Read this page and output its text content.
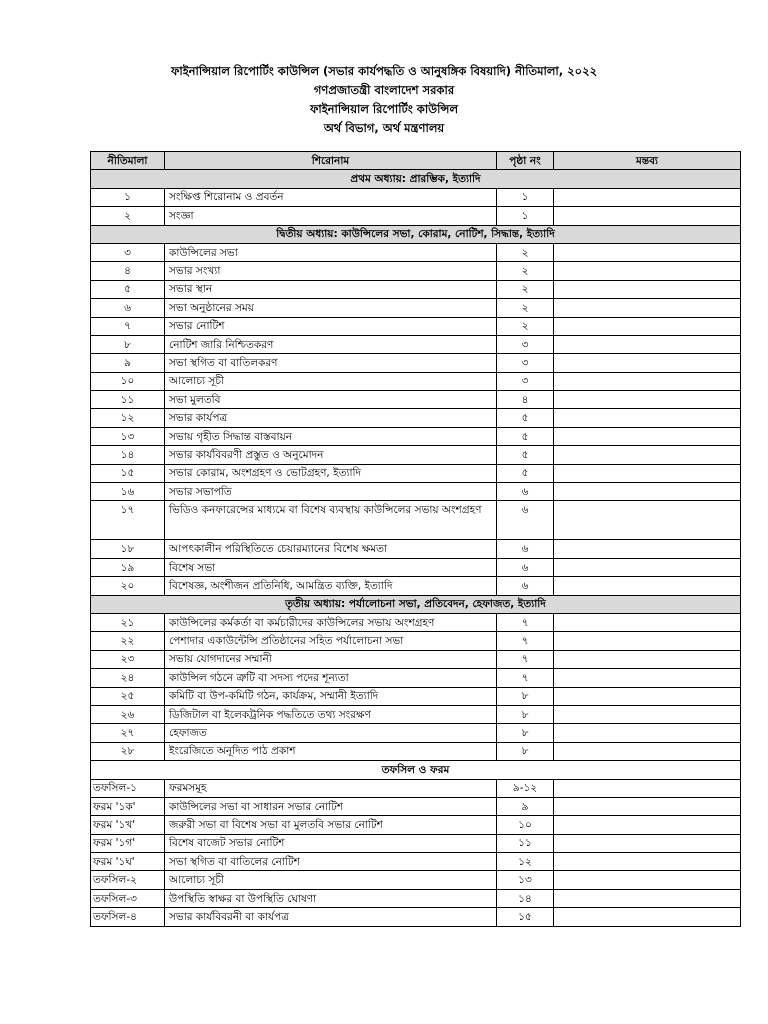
ফাইনান্সিয়াল রিপোর্টিং কাউন্সিল (সভার কার্যপদ্ধতি ও আনুষঙ্গিক বিষয়াদি) নীতিমালা, ২০২২
গণপ্রজাতন্ত্রী বাংলাদেশ সরকার
ফাইনান্সিয়াল রিপোর্টিং কাউন্সিল
অর্থ বিভাগ, অর্থ মন্ত্রণালয়
নীতিমালা	শিরোনাম	পৃষ্ঠা নং	মন্তব্য
প্রথম অধ্যায়: প্রারম্ভিক, ইত্যাদি			
১	সংক্ষিপ্ত শিরোনাম ও প্রবর্তন	১	
২	সংজ্ঞা	১	
দ্বিতীয় অধ্যায়: কাউন্সিলের সভা, কোরাম, নোটিশ, সিদ্ধান্ত, ইত্যাদি			
৩	কাউন্সিলের সভা	২	
৪	সভার সংখ্যা	২	
৫	সভার স্থান	২	
৬	সভা অনুষ্ঠানের সময়	২	
৭	সভার নোটিশ	২	
৮	নোটিশ জারি নিশ্চিতকরণ	৩	
৯	সভা স্থগিত বা বাতিলকরণ	৩	
১০	আলোচ্য সূচী	৩	
১১	সভা মুলতবি	৪	
১২	সভার কার্যপত্র	৫	
১৩	সভায় গৃহীত সিদ্ধান্ত বাস্তবায়ন	৫	
১৪	সভার কার্যবিবরণী প্রস্তুত ও অনুমোদন	৫	
১৫	সভার কোরাম, অংশগ্রহণ ও ভোটগ্রহণ, ইত্যাদি	৫	
১৬	সভার সভাপতি	৬	
১৭	ভিডিও কনফারেন্সের মাধ্যমে বা বিশেষ ব্যবস্থায় কাউন্সিলের সভায় অংশগ্রহণ	৬	
১৮	আপৎকালীন পরিস্থিতিতে চেয়ারম্যানের বিশেষ ক্ষমতা	৬	
১৯	বিশেষ সভা	৬	
২০	বিশেষজ্ঞ, অংশীজন প্রতিনিধি, আমন্ত্রিত ব্যক্তি, ইত্যাদি	৬	
তৃতীয় অধ্যায়: পর্যালোচনা সভা, প্রতিবেদন, হেফাজত, ইত্যাদি			
২১	কাউন্সিলের কর্মকর্তা বা কর্মচারীদের কাউন্সিলের সভায় অংশগ্রহণ	৭	
২২	পেশাদার একাউন্টেন্সি প্রতিষ্ঠানের সহিত পর্যালোচনা সভা	৭	
২৩	সভায় যোগদানের সম্মানী	৭	
২৪	কাউন্সিল গঠনে ত্রুটি বা সদস্য পদের শূন্যতা	৭	
২৫	কমিটি বা উপ-কমিটি গঠন, কার্যক্রম, সম্মানী ইত্যাদি	৮	
২৬	ডিজিটাল বা ইলেকট্রনিক পদ্ধতিতে তথ্য সংরক্ষণ	৮	
২৭	হেফাজত	৮	
২৮	ইংরেজিতে অনূদিত পাঠ প্রকাশ	৮	
তফসিল ও ফরম			
তফসিল-১	ফরমসমূহ	৯-১২	
ফরম '১ক'	কাউন্সিলের সভা বা সাধারন সভার নোটিশ	৯	
ফরম '১খ'	জরুরী সভা বা বিশেষ সভা বা মুলতবি সভার নোটিশ	১০	
ফরম '১গ'	বিশেষ বাজেট সভার নোটিশ	১১	
ফরম '১ঘ'	সভা স্থগিত বা বাতিলের নোটিশ	১২	
তফসিল-২	আলোচ্য সূচী	১৩	
তফসিল-৩	উপস্থিতি স্বাক্ষর বা উপস্থিতি ঘোষণা	১৪	
তফসিল-৪	সভার কার্যবিবরনী বা কার্যপত্র	১৫	
